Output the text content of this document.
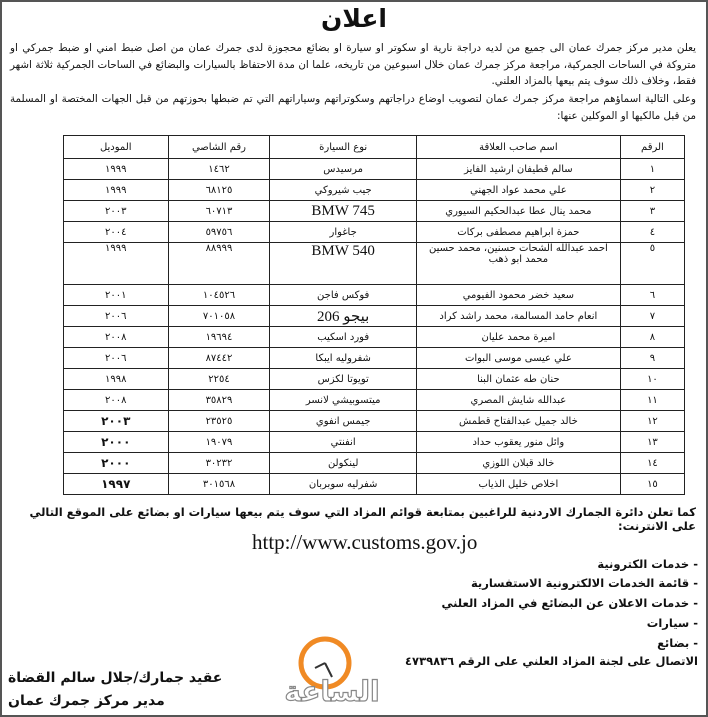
اعلان
يعلن مدير مركز جمرك عمان الى جميع من لديه دراجة نارية او سكوتر او سيارة او بضائع محجوزة لدى جمرك عمان من اصل ضبط امني او ضبط جمركي او متروكة في الساحات الجمركية، مراجعة مركز جمرك عمان خلال اسبوعين من تاريخه، علما ان مدة الاحتفاظ بالسيارات والبضائع في الساحات الجمركية ثلاثة اشهر فقط، وخلاف ذلك سوف يتم بيعها بالمزاد العلني.
وعلى التالية اسماؤهم مراجعة مركز جمرك عمان لتصويب اوضاع دراجاتهم وسكوتراتهم وسياراتهم التي تم ضبطها بحوزتهم من قبل الجهات المختصة او المسلمة من قبل مالكيها او الموكلين عنها:
الرقم	اسم صاحب العلاقة	نوع السيارة	رقم الشاصي	الموديل
١	سالم قطيفان ارشيد الفايز	مرسيدس	١٤٦٢	١٩٩٩
٢	علي محمد عواد الجهني	جيب شيروكي	٦٨١٢٥	١٩٩٩
٣	محمد ينال عطا عبدالحكيم السيوري	BMW 745	٦٠٧١٣	٢٠٠٣
٤	حمزة ابراهيم مصطفى بركات	جاغوار	٥٩٧٥٦	٢٠٠٤
٥	احمد عبدالله الشحات حسنين، محمد حسين محمد ابو ذهب	BMW 540	٨٨٩٩٩	١٩٩٩
٦	سعيد خضر محمود الفيومي	فوكس فاجن	١٠٤٥٢٦	٢٠٠١
٧	انعام حامد المسالمة، محمد راشد كراد	بيجو 206	٧٠١٠٥٨	٢٠٠٦
٨	اميرة محمد عليان	فورد اسكيب	١٩٦٩٤	٢٠٠٨
٩	علي عيسى موسى البوات	شفروليه ايبكا	٨٧٤٤٢	٢٠٠٦
١٠	حنان طه عثمان البنا	تويوتا لكزس	٢٢٥٤	١٩٩٨
١١	عبدالله شايش المصري	ميتسوبيشي لانسر	٣٥٨٢٩	٢٠٠٨
١٢	خالد جميل عبدالفتاح قطمش	جيمس انفوي	٢٣٥٢٥	٢٠٠٣
١٣	وائل منور يعقوب حداد	انفنتي	١٩٠٧٩	٢٠٠٠
١٤	خالد قبلان اللوزي	لينكولن	٣٠٢٣٢	٢٠٠٠
١٥	اخلاص خليل الذياب	شفرليه سوبربان	٣٠١٥٦٨	١٩٩٧
كما تعلن دائرة الجمارك الاردنية للراغبين بمتابعة قوائم المزاد التي سوف يتم بيعها سيارات او بضائع على الموقع التالي على الانترنت:
http://www.customs.gov.jo
- خدمات الكترونية
- قائمة الخدمات الالكترونية الاستفسارية
- خدمات الاعلان عن البضائع في المزاد العلني
- سيارات
- بضائع
الاتصال على لجنة المزاد العلني على الرقم ٤٧٣٩٨٣٦
عقيد جمارك/جلال سالم القضاة
مدير مركز جمرك عمان	الساعة
